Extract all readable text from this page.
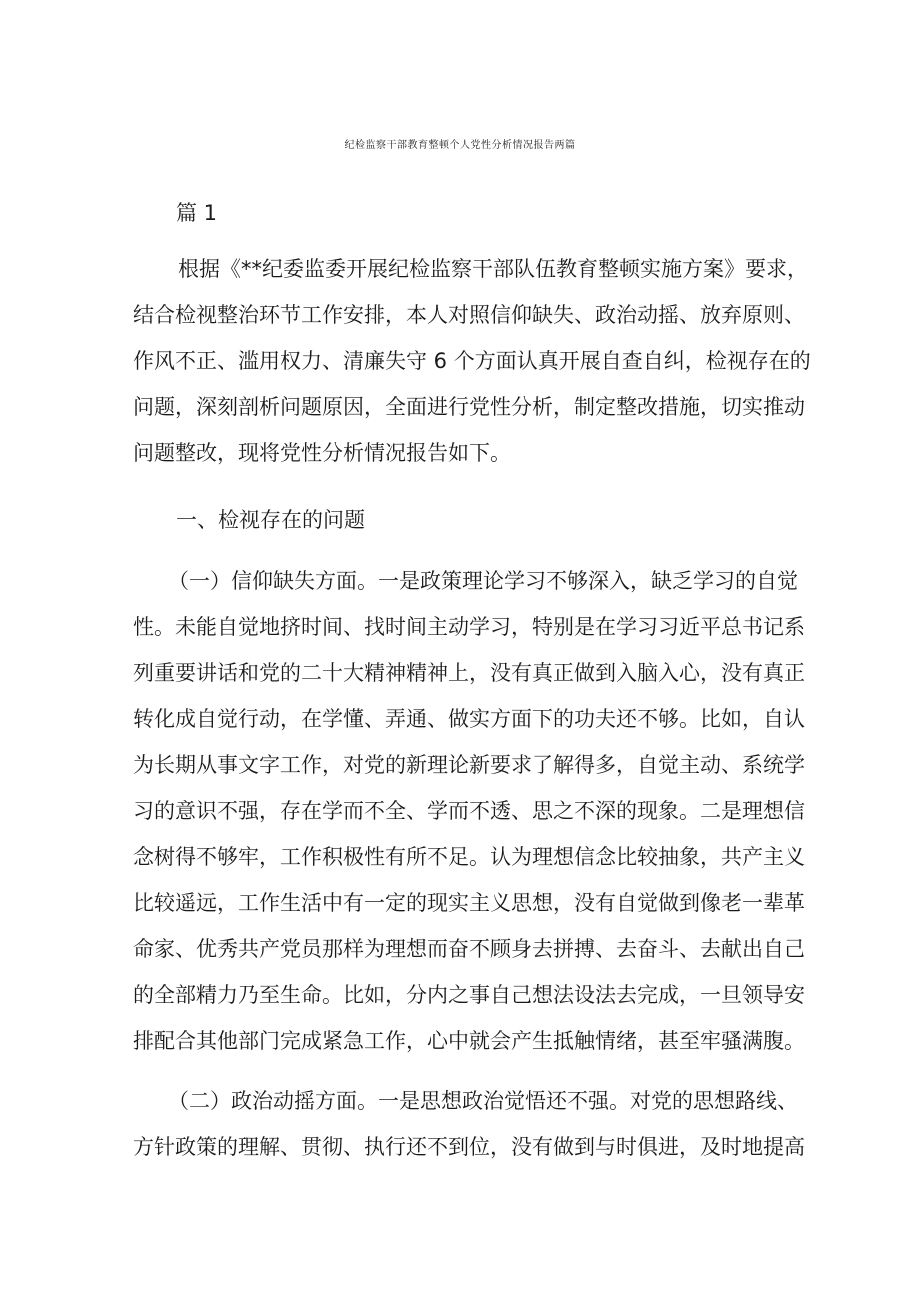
纪检监察干部教育整顿个人党性分析情况报告两篇
篇 1
根据《**纪委监委开展纪检监察干部队伍教育整顿实施方案》要求，
结合检视整治环节工作安排，本人对照信仰缺失、政治动摇、放弃原则、
作风不正、滥用权力、清廉失守 6 个方面认真开展自查自纠，检视存在的
问题，深刻剖析问题原因，全面进行党性分析，制定整改措施，切实推动
问题整改，现将党性分析情况报告如下。
一、检视存在的问题
（一）信仰缺失方面。一是政策理论学习不够深入，缺乏学习的自觉
性。未能自觉地挤时间、找时间主动学习，特别是在学习习近平总书记系
列重要讲话和党的二十大精神精神上，没有真正做到入脑入心，没有真正
转化成自觉行动，在学懂、弄通、做实方面下的功夫还不够。比如，自认
为长期从事文字工作，对党的新理论新要求了解得多，自觉主动、系统学
习的意识不强，存在学而不全、学而不透、思之不深的现象。二是理想信
念树得不够牢，工作积极性有所不足。认为理想信念比较抽象，共产主义
比较遥远，工作生活中有一定的现实主义思想，没有自觉做到像老一辈革
命家、优秀共产党员那样为理想而奋不顾身去拼搏、去奋斗、去献出自己
的全部精力乃至生命。比如，分内之事自己想法设法去完成，一旦领导安
排配合其他部门完成紧急工作，心中就会产生抵触情绪，甚至牢骚满腹。
（二）政治动摇方面。一是思想政治觉悟还不强。对党的思想路线、
方针政策的理解、贯彻、执行还不到位，没有做到与时俱进，及时地提高
